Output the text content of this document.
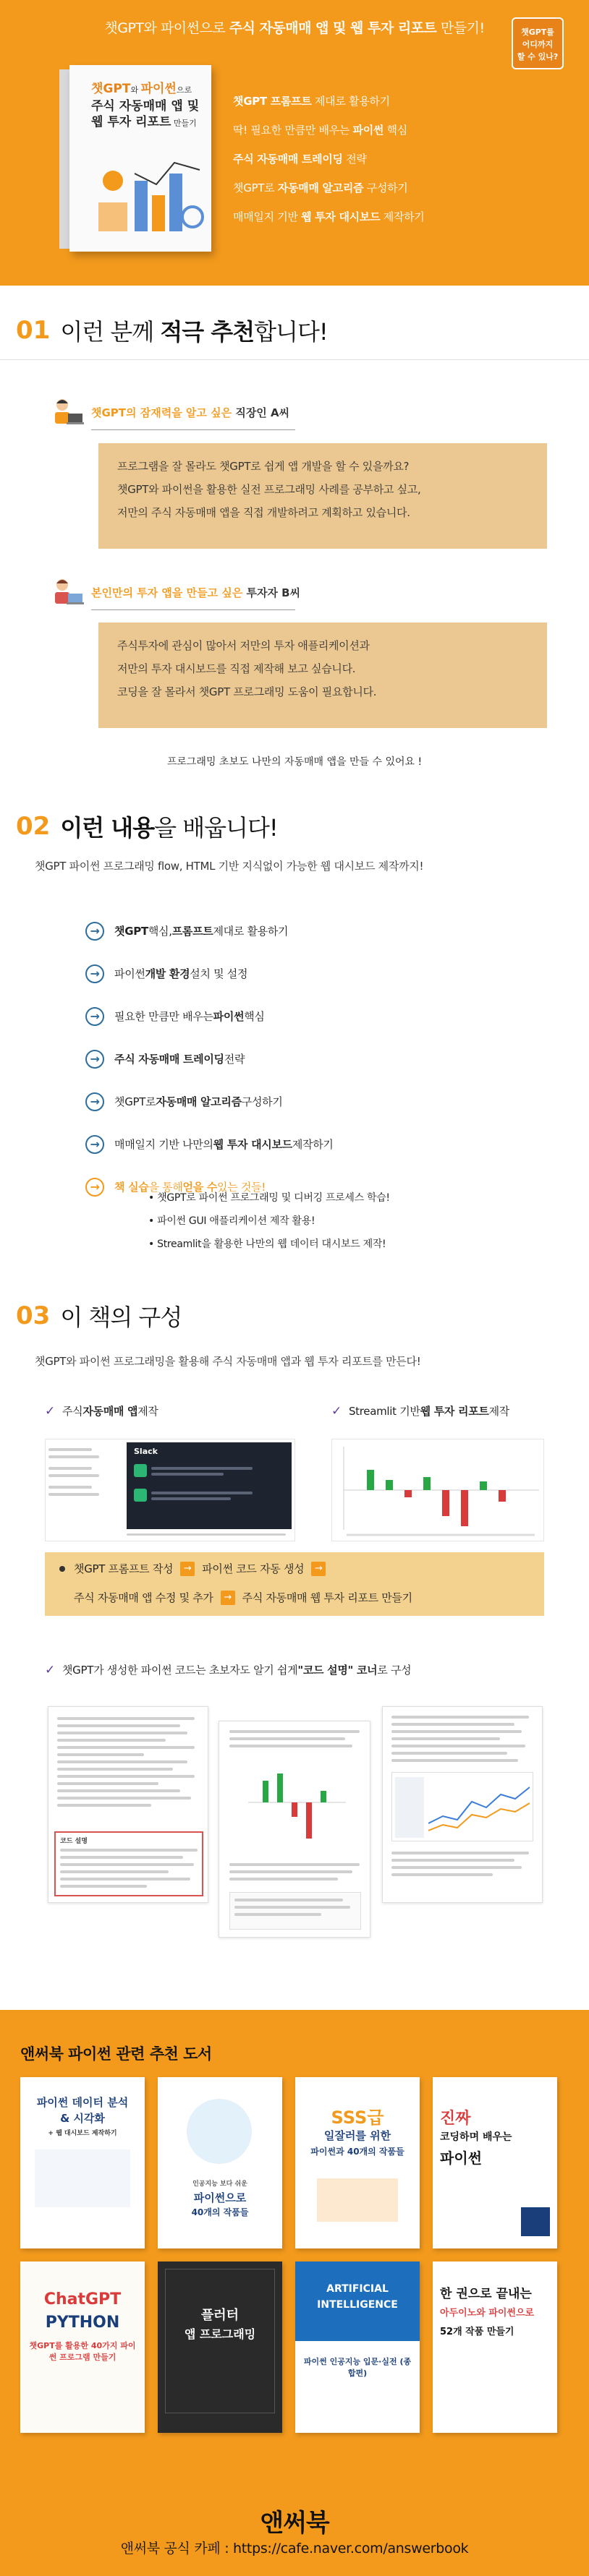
챗GPT와 파이썬으로 주식 자동매매 앱 및 웹 투자 리포트 만들기!	챗GPT를
어디까지
할 수 있나?
챗GPT와 파이썬으로
주식 자동매매 앱 및
웹 투자 리포트 만들기
챗GPT 프롬프트 제대로 활용하기
딱! 필요한 만큼만 배우는 파이썬 핵심
주식 자동매매 트레이딩 전략
챗GPT로 자동매매 알고리즘 구성하기
매매일지 기반 웹 투자 대시보드 제작하기
01 이런 분께 적극 추천합니다!
챗GPT의 잠재력을 알고 싶은 직장인 A씨
프로그램을 잘 몰라도 챗GPT로 쉽게 앱 개발을 할 수 있을까요?
챗GPT와 파이썬을 활용한 실전 프로그래밍 사례를 공부하고 싶고,
저만의 주식 자동매매 앱을 직접 개발하려고 계획하고 있습니다.
본인만의 투자 앱을 만들고 싶은 투자자 B씨
주식투자에 관심이 많아서 저만의 투자 애플리케이션과
저만의 투자 대시보드를 직접 제작해 보고 싶습니다.
코딩을 잘 몰라서 챗GPT 프로그래밍 도움이 필요합니다.
프로그래밍 초보도 나만의 자동매매 앱을 만들 수 있어요 !
02 이런 내용을 배웁니다!
챗GPT 파이썬 프로그래밍 flow, HTML 기반 지식없이 가능한 웹 대시보드 제작까지!
→	챗GPT 핵심, 프롬프트 제대로 활용하기
→	파이썬 개발 환경 설치 및 설정
→	필요한 만큼만 배우는 파이썬 핵심
→	주식 자동매매 트레이딩 전략
→	챗GPT로 자동매매 알고리즘 구성하기
→	매매일지 기반 나만의 웹 투자 대시보드 제작하기
→	책 실습 을 통해 얻을 수 있는 것들!
• 챗GPT로 파이썬 프로그래밍 및 디버깅 프로세스 학습!
• 파이썬 GUI 애플리케이션 제작 활용!
• Streamlit을 활용한 나만의 웹 데이터 대시보드 제작!
03 이 책의 구성
챗GPT와 파이썬 프로그래밍을 활용해 주식 자동매매 앱과 웹 투자 리포트를 만든다!
✓ 주식 자동매매 앱 제작	✓ Streamlit 기반 웹 투자 리포트 제작
Slack
챗GPT 프롬프트 작성	→ 파이썬 코드 자동 생성	→
주식 자동매매 앱 수정 및 추가	→ 주식 자동매매 웹 투자 리포트 만들기
✓ 챗GPT가 생성한 파이썬 코드는 초보자도 알기 쉽게 "코드 설명" 코너 로 구성
코드 설명
앤써북 파이썬 관련 추천 도서
파이썬 데이터 분석
& 시각화
+ 웹 대시보드 제작하기
인공지능 보다 쉬운
파이썬으로
40개의 작품들
SSS급
일잘러를 위한
파이썬과 40개의 작품들
진짜
코딩하며 배우는
파이썬
ChatGPT
PYTHON
챗GPT를 활용한 40가지 파이썬 프로그램 만들기
플러터
앱 프로그래밍
ARTIFICIAL
INTELLIGENCE
파이썬 인공지능 입문·실전 (종합편)
한 권으로 끝내는
아두이노와 파이썬으로
52개 작품 만들기
앤써북
앤써북 공식 카페 : https://cafe.naver.com/answerbook
